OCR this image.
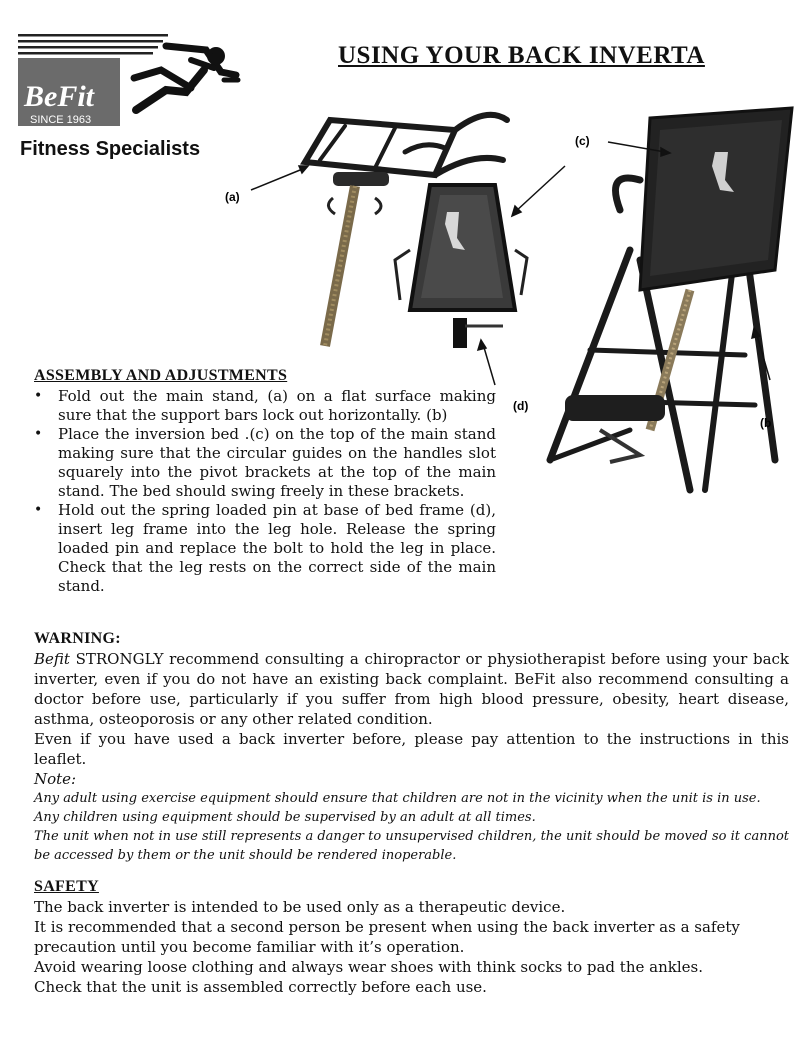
BeFit
SINCE 1963
Fitness Specialists
USING YOUR BACK INVERTA
(a)
(c)
(d)
(b
ASSEMBLY AND ADJUSTMENTS
• Fold out the main stand, (a) on a flat surface making sure that the support bars lock out horizontally. (b)
• Place the inversion bed .(c) on the top of the main stand making sure that the circular guides on the handles slot squarely into the pivot brackets at the top of the main stand. The bed should swing freely in these brackets.
• Hold out the spring loaded pin at base of bed frame (d), insert leg frame into the leg hole. Release the spring loaded pin and replace the bolt to hold the leg in place. Check that the leg rests on the correct side of the main stand.
WARNING:

Befit STRONGLY recommend consulting a chiropractor or physiotherapist before using your back inverter, even if you do not have an existing back complaint. BeFit also recommend consulting a doctor before use, particularly if you suffer from high blood pressure, obesity, heart disease, asthma, osteoporosis or any other related condition.

Even if you have used a back inverter before, please pay attention to the instructions in this leaflet.

Note:

Any adult using exercise equipment should ensure that children are not in the vicinity when the unit is in use.

Any children using equipment should be supervised by an adult at all times.

The unit when not in use still represents a danger to unsupervised children, the unit should be moved so it cannot be accessed by them or the unit should be rendered inoperable.

SAFETY

The back inverter is intended to be used only as a therapeutic device.

It is recommended that a second person be present when using the back inverter as a safety precaution until you become familiar with it’s operation.

Avoid wearing loose clothing and always wear shoes with think socks to pad the ankles.

Check that the unit is assembled correctly before each use.
